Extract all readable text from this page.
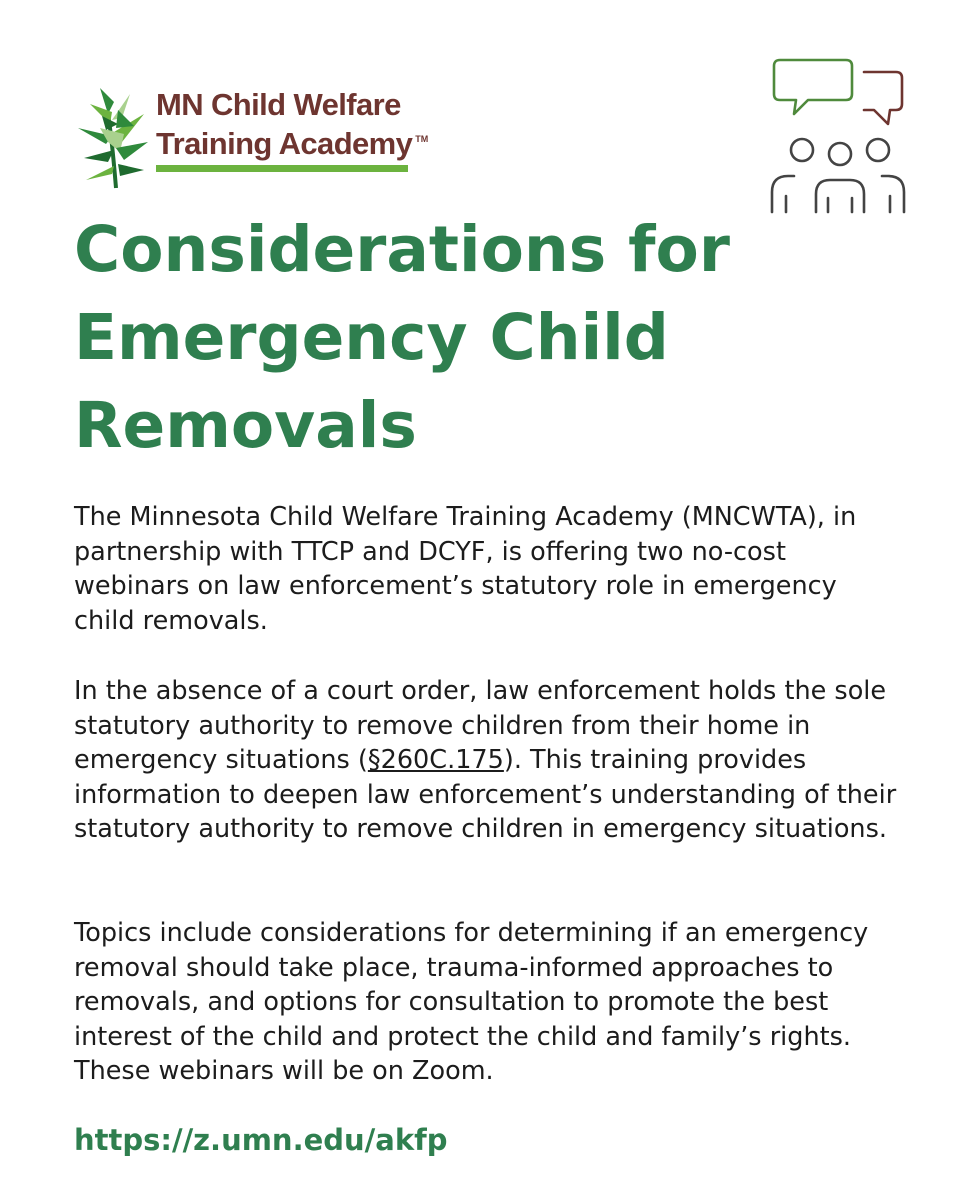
MN Child Welfare
Training Academy ™
Considerations for Emergency Child Removals

The Minnesota Child Welfare Training Academy (MNCWTA), in partnership with TTCP and DCYF, is offering two no-cost webinars on law enforcement’s statutory role in emergency child removals.

In the absence of a court order, law enforcement holds the sole statutory authority to remove children from their home in emergency situations (§260C.175). This training provides information to deepen law enforcement’s understanding of their statutory authority to remove children in emergency situations.

Topics include considerations for determining if an emergency removal should take place, trauma-informed approaches to removals, and options for consultation to promote the best interest of the child and protect the child and family’s rights. These webinars will be on Zoom.

https://z.umn.edu/akfp
